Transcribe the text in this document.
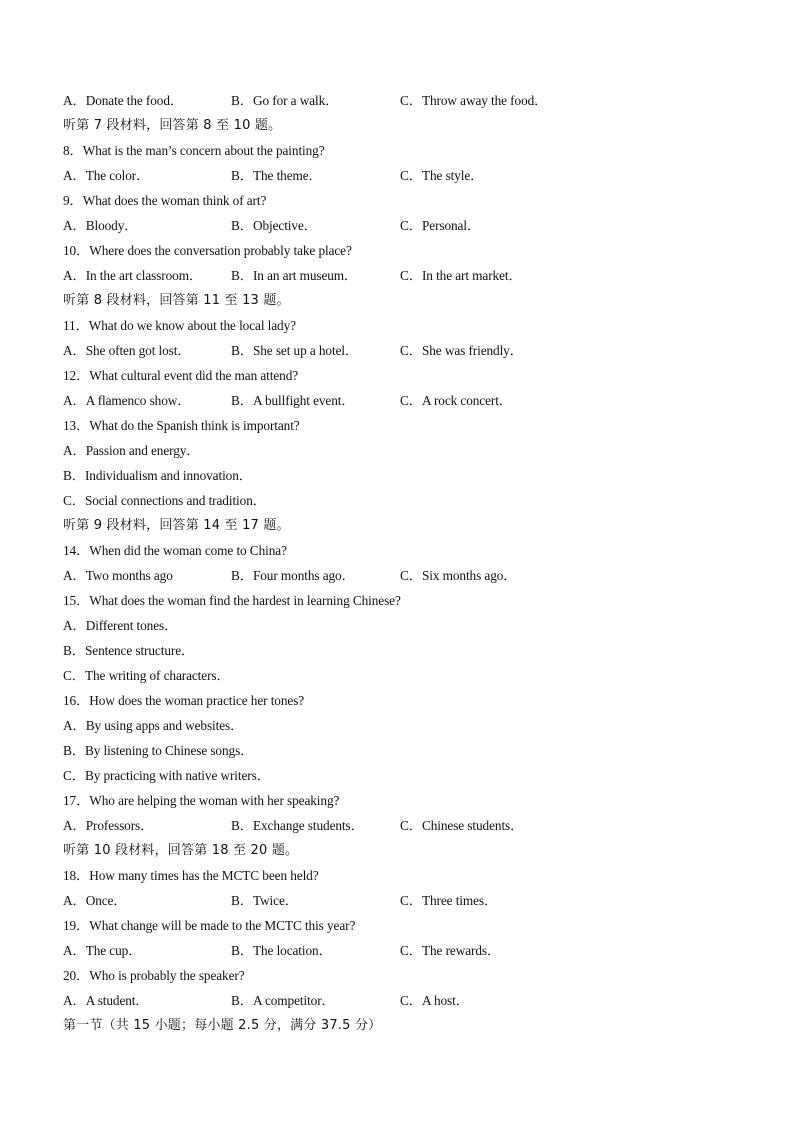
A．Donate the food．	B．Go for a walk．	C．Throw away the food．
听第 7 段材料，回答第 8 至 10 题。
8．What is the man’s concern about the painting?
A．The color．	B．The theme．	C．The style．
9．What does the woman think of art?
A．Bloody．	B．Objective．	C．Personal．
10．Where does the conversation probably take place?
A．In the art classroom． B．In an art museum．	C．In the art market．
听第 8 段材料，回答第 11 至 13 题。
11．What do we know about the local lady?
A．She often got lost．	B．She set up a hotel．	C．She was friendly．
12．What cultural event did the man attend?
A．A flamenco show．	B．A bullfight event．	C．A rock concert．
13．What do the Spanish think is important?
A．Passion and energy．
B．Individualism and innovation．
C．Social connections and tradition．
听第 9 段材料，回答第 14 至 17 题。
14．When did the woman come to China?
A．Two months ago	B．Four months ago．	C．Six months ago．
15．What does the woman find the hardest in learning Chinese?
A．Different tones．
B．Sentence structure．
C．The writing of characters．
16．How does the woman practice her tones?
A．By using apps and websites．
B．By listening to Chinese songs．
C．By practicing with native writers．
17．Who are helping the woman with her speaking?
A．Professors．	B．Exchange students．	C．Chinese students．
听第 10 段材料，回答第 18 至 20 题。
18．How many times has the MCTC been held?
A．Once．	B．Twice．	C．Three times．
19．What change will be made to the MCTC this year?
A．The cup．	B．The location．	C．The rewards．
20．Who is probably the speaker?
A．A student．	B．A competitor．	C．A host．
第一节（共 15 小题；每小题 2.5 分，满分 37.5 分）
